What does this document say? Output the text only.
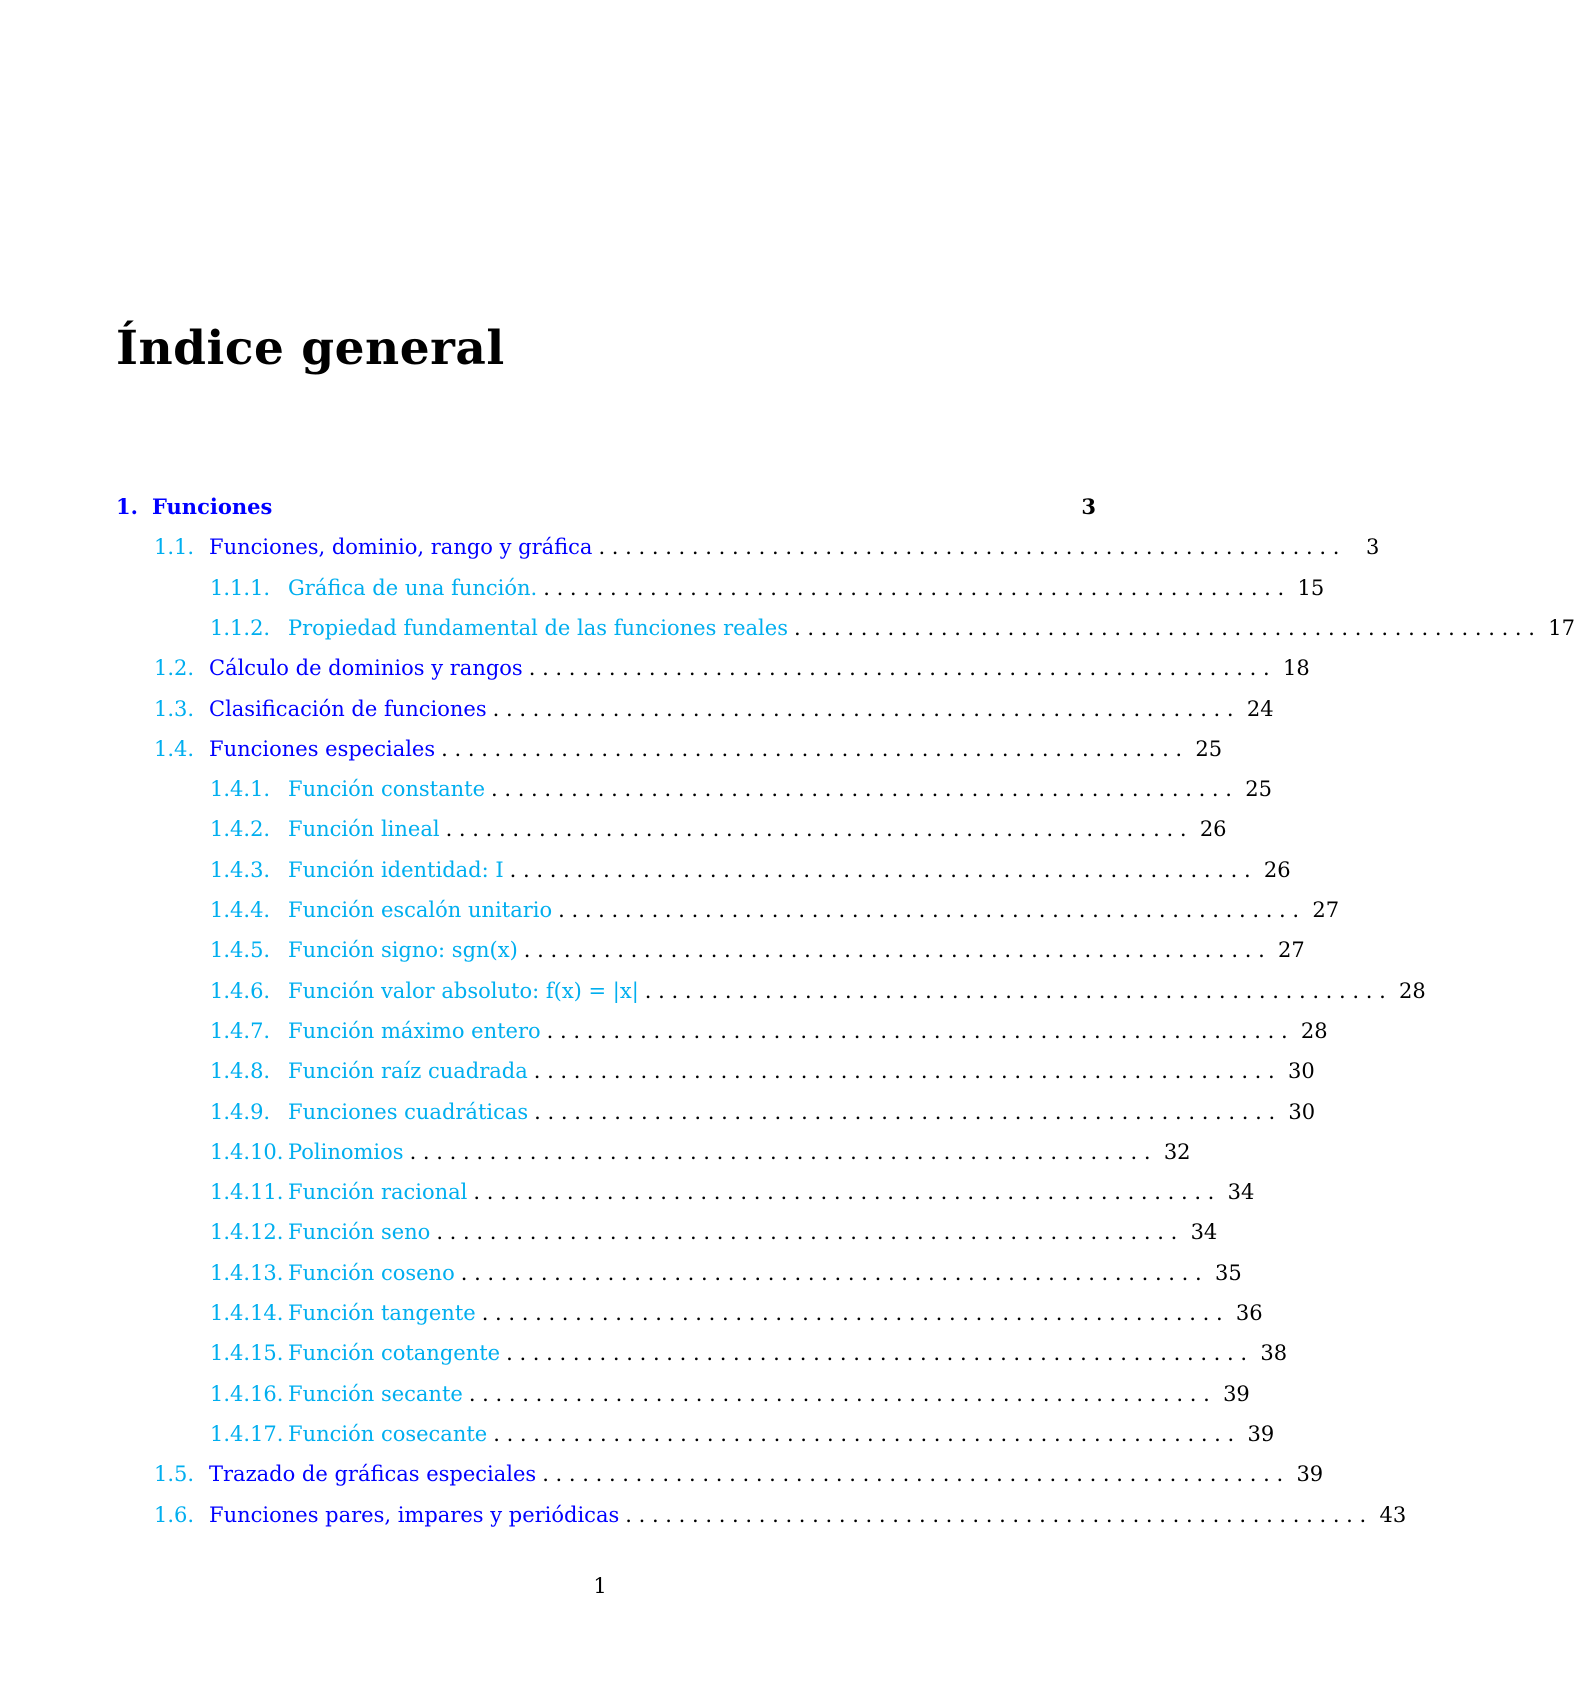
Índice general
1. Funciones	3
1.1. Funciones, dominio, rango y gráfica . . . . . . . . . . . . . . . . . . . . . . . . . . . . . . . . . . . . . . . . . . . . . . . . . . . . . . . .	3
1.1.1. Gráfica de una función. . . . . . . . . . . . . . . . . . . . . . . . . . . . . . . . . . . . . . . . . . . . . . . . . . . . . . . . . 15
1.1.2. Propiedad fundamental de las funciones reales . . . . . . . . . . . . . . . . . . . . . . . . . . . . . . . . . . . . . . . . . . . . . . . . . . . . . . . . 17
1.2. Cálculo de dominios y rangos . . . . . . . . . . . . . . . . . . . . . . . . . . . . . . . . . . . . . . . . . . . . . . . . . . . . . . . . 18
1.3. Clasificación de funciones . . . . . . . . . . . . . . . . . . . . . . . . . . . . . . . . . . . . . . . . . . . . . . . . . . . . . . . . 24
1.4. Funciones especiales . . . . . . . . . . . . . . . . . . . . . . . . . . . . . . . . . . . . . . . . . . . . . . . . . . . . . . . . 25
1.4.1. Función constante . . . . . . . . . . . . . . . . . . . . . . . . . . . . . . . . . . . . . . . . . . . . . . . . . . . . . . . . 25
1.4.2. Función lineal . . . . . . . . . . . . . . . . . . . . . . . . . . . . . . . . . . . . . . . . . . . . . . . . . . . . . . . . 26
1.4.3. Función identidad: I . . . . . . . . . . . . . . . . . . . . . . . . . . . . . . . . . . . . . . . . . . . . . . . . . . . . . . . . 26
1.4.4. Función escalón unitario . . . . . . . . . . . . . . . . . . . . . . . . . . . . . . . . . . . . . . . . . . . . . . . . . . . . . . . . 27
1.4.5. Función signo: sgn(x) . . . . . . . . . . . . . . . . . . . . . . . . . . . . . . . . . . . . . . . . . . . . . . . . . . . . . . . . 27
1.4.6. Función valor absoluto: f(x) = |x| . . . . . . . . . . . . . . . . . . . . . . . . . . . . . . . . . . . . . . . . . . . . . . . . . . . . . . . . 28
1.4.7. Función máximo entero . . . . . . . . . . . . . . . . . . . . . . . . . . . . . . . . . . . . . . . . . . . . . . . . . . . . . . . . 28
1.4.8. Función raíz cuadrada . . . . . . . . . . . . . . . . . . . . . . . . . . . . . . . . . . . . . . . . . . . . . . . . . . . . . . . . 30
1.4.9. Funciones cuadráticas . . . . . . . . . . . . . . . . . . . . . . . . . . . . . . . . . . . . . . . . . . . . . . . . . . . . . . . . 30
1.4.10. Polinomios . . . . . . . . . . . . . . . . . . . . . . . . . . . . . . . . . . . . . . . . . . . . . . . . . . . . . . . . 32
1.4.11. Función racional . . . . . . . . . . . . . . . . . . . . . . . . . . . . . . . . . . . . . . . . . . . . . . . . . . . . . . . . 34
1.4.12. Función seno . . . . . . . . . . . . . . . . . . . . . . . . . . . . . . . . . . . . . . . . . . . . . . . . . . . . . . . . 34
1.4.13. Función coseno . . . . . . . . . . . . . . . . . . . . . . . . . . . . . . . . . . . . . . . . . . . . . . . . . . . . . . . . 35
1.4.14. Función tangente . . . . . . . . . . . . . . . . . . . . . . . . . . . . . . . . . . . . . . . . . . . . . . . . . . . . . . . . 36
1.4.15. Función cotangente . . . . . . . . . . . . . . . . . . . . . . . . . . . . . . . . . . . . . . . . . . . . . . . . . . . . . . . . 38
1.4.16. Función secante . . . . . . . . . . . . . . . . . . . . . . . . . . . . . . . . . . . . . . . . . . . . . . . . . . . . . . . . 39
1.4.17. Función cosecante . . . . . . . . . . . . . . . . . . . . . . . . . . . . . . . . . . . . . . . . . . . . . . . . . . . . . . . . 39
1.5. Trazado de gráficas especiales . . . . . . . . . . . . . . . . . . . . . . . . . . . . . . . . . . . . . . . . . . . . . . . . . . . . . . . . 39
1.6. Funciones pares, impares y periódicas . . . . . . . . . . . . . . . . . . . . . . . . . . . . . . . . . . . . . . . . . . . . . . . . . . . . . . . . 43
1
